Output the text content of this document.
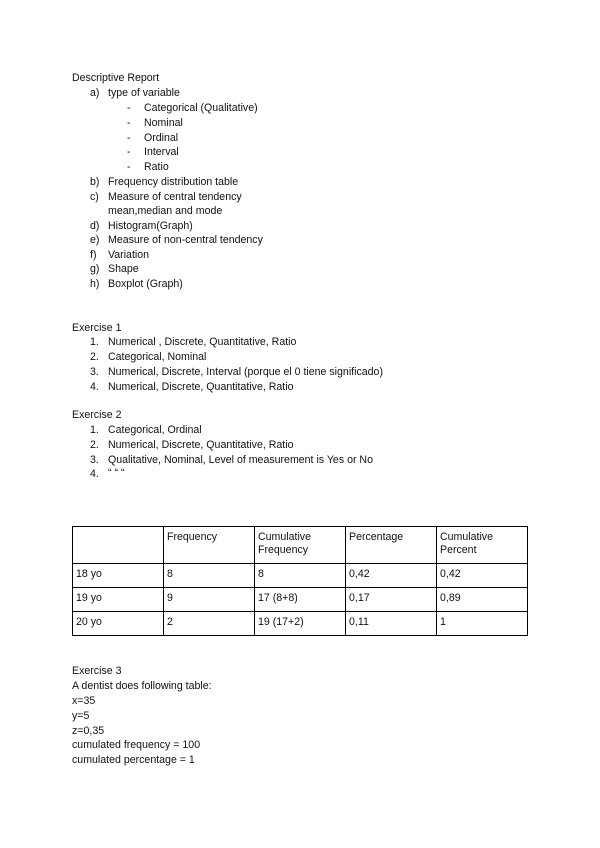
Descriptive Report
a) type of variable
- Categorical (Qualitative)
- Nominal
- Ordinal
- Interval
- Ratio
b) Frequency distribution table
c) Measure of central tendency
mean,median and mode
d) Histogram(Graph)
e) Measure of non-central tendency
f) Variation
g) Shape
h) Boxplot (Graph)
Exercise 1
1. Numerical , Discrete, Quantitative, Ratio
2. Categorical, Nominal
3. Numerical, Discrete, Interval (porque el 0 tiene significado)
4. Numerical, Discrete, Quantitative, Ratio
Exercise 2
1. Categorical, Ordinal
2. Numerical, Discrete, Quantitative, Ratio
3. Qualitative, Nominal, Level of measurement is Yes or No
4. “ “ “
	Frequency	Cumulative Frequency	Percentage	Cumulative Percent
18 yo	8	8	0,42	0,42
19 yo	9	17 (8+8)	0,17	0,89
20 yo	2	19 (17+2)	0,11	1
Exercise 3
A dentist does following table:
x=35
y=5
z=0,35
cumulated frequency = 100
cumulated percentage = 1
